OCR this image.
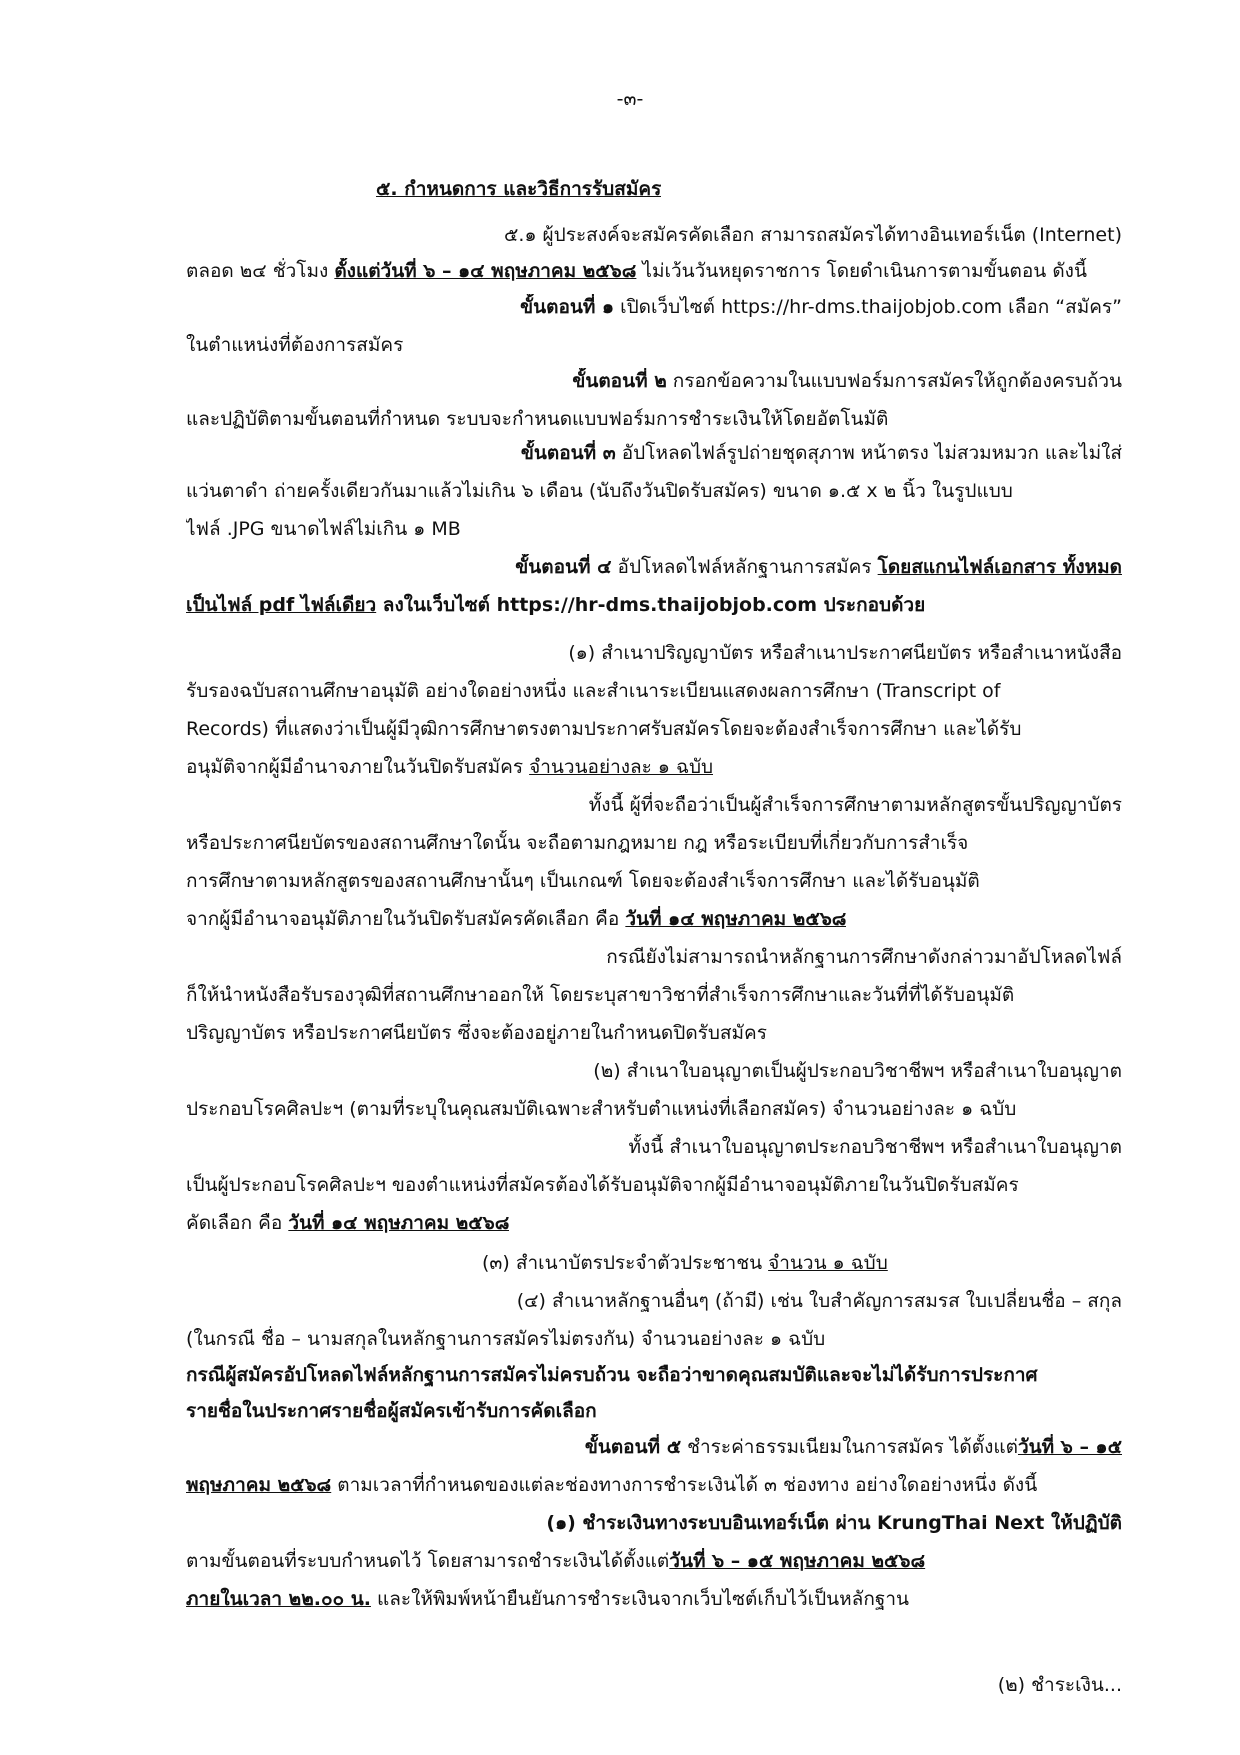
-๓-
๕. กำหนดการ และวิธีการรับสมัคร
๕.๑ ผู้ประสงค์จะสมัครคัดเลือก สามารถสมัครได้ทางอินเทอร์เน็ต (Internet)
ตลอด ๒๔ ชั่วโมง ตั้งแต่วันที่ ๖ – ๑๔ พฤษภาคม ๒๕๖๘ ไม่เว้นวันหยุดราชการ โดยดำเนินการตามขั้นตอน ดังนี้
ขั้นตอนที่ ๑ เปิดเว็บไซต์ https://hr-dms.thaijobjob.com เลือก “สมัคร”
ในตำแหน่งที่ต้องการสมัคร
ขั้นตอนที่ ๒ กรอกข้อความในแบบฟอร์มการสมัครให้ถูกต้องครบถ้วน
และปฏิบัติตามขั้นตอนที่กำหนด ระบบจะกำหนดแบบฟอร์มการชำระเงินให้โดยอัตโนมัติ
ขั้นตอนที่ ๓ อัปโหลดไฟล์รูปถ่ายชุดสุภาพ หน้าตรง ไม่สวมหมวก และไม่ใส่
แว่นตาดำ ถ่ายครั้งเดียวกันมาแล้วไม่เกิน ๖ เดือน (นับถึงวันปิดรับสมัคร) ขนาด ๑.๕ x ๒ นิ้ว ในรูปแบบ
ไฟล์ .JPG ขนาดไฟล์ไม่เกิน ๑ MB
ขั้นตอนที่ ๔ อัปโหลดไฟล์หลักฐานการสมัคร โดยสแกนไฟล์เอกสาร ทั้งหมด
เป็นไฟล์ pdf ไฟล์เดียว ลงในเว็บไซต์ https://hr-dms.thaijobjob.com ประกอบด้วย
(๑) สำเนาปริญญาบัตร หรือสำเนาประกาศนียบัตร หรือสำเนาหนังสือ
รับรองฉบับสถานศึกษาอนุมัติ อย่างใดอย่างหนึ่ง และสำเนาระเบียนแสดงผลการศึกษา (Transcript of
Records) ที่แสดงว่าเป็นผู้มีวุฒิการศึกษาตรงตามประกาศรับสมัครโดยจะต้องสำเร็จการศึกษา และได้รับ
อนุมัติจากผู้มีอำนาจภายในวันปิดรับสมัคร จำนวนอย่างละ ๑ ฉบับ
ทั้งนี้ ผู้ที่จะถือว่าเป็นผู้สำเร็จการศึกษาตามหลักสูตรขั้นปริญญาบัตร
หรือประกาศนียบัตรของสถานศึกษาใดนั้น จะถือตามกฎหมาย กฎ หรือระเบียบที่เกี่ยวกับการสำเร็จ
การศึกษาตามหลักสูตรของสถานศึกษานั้นๆ เป็นเกณฑ์ โดยจะต้องสำเร็จการศึกษา และได้รับอนุมัติ
จากผู้มีอำนาจอนุมัติภายในวันปิดรับสมัครคัดเลือก คือ วันที่ ๑๔ พฤษภาคม ๒๕๖๘
กรณียังไม่สามารถนำหลักฐานการศึกษาดังกล่าวมาอัปโหลดไฟล์
ก็ให้นำหนังสือรับรองวุฒิที่สถานศึกษาออกให้ โดยระบุสาขาวิชาที่สำเร็จการศึกษาและวันที่ที่ได้รับอนุมัติ
ปริญญาบัตร หรือประกาศนียบัตร ซึ่งจะต้องอยู่ภายในกำหนดปิดรับสมัคร
(๒) สำเนาใบอนุญาตเป็นผู้ประกอบวิชาชีพฯ หรือสำเนาใบอนุญาต
ประกอบโรคศิลปะฯ (ตามที่ระบุในคุณสมบัติเฉพาะสำหรับตำแหน่งที่เลือกสมัคร) จำนวนอย่างละ ๑ ฉบับ
ทั้งนี้ สำเนาใบอนุญาตประกอบวิชาชีพฯ หรือสำเนาใบอนุญาต
เป็นผู้ประกอบโรคศิลปะฯ ของตำแหน่งที่สมัครต้องได้รับอนุมัติจากผู้มีอำนาจอนุมัติภายในวันปิดรับสมัคร
คัดเลือก คือ วันที่ ๑๔ พฤษภาคม ๒๕๖๘
(๓) สำเนาบัตรประจำตัวประชาชน จำนวน ๑ ฉบับ
(๔) สำเนาหลักฐานอื่นๆ (ถ้ามี) เช่น ใบสำคัญการสมรส ใบเปลี่ยนชื่อ – สกุล
(ในกรณี ชื่อ – นามสกุลในหลักฐานการสมัครไม่ตรงกัน) จำนวนอย่างละ ๑ ฉบับ
กรณีผู้สมัครอัปโหลดไฟล์หลักฐานการสมัครไม่ครบถ้วน จะถือว่าขาดคุณสมบัติและจะไม่ได้รับการประกาศ
รายชื่อในประกาศรายชื่อผู้สมัครเข้ารับการคัดเลือก
ขั้นตอนที่ ๕ ชำระค่าธรรมเนียมในการสมัคร ได้ตั้งแต่วันที่ ๖ – ๑๕
พฤษภาคม ๒๕๖๘ ตามเวลาที่กำหนดของแต่ละช่องทางการชำระเงินได้ ๓ ช่องทาง อย่างใดอย่างหนึ่ง ดังนี้
(๑) ชำระเงินทางระบบอินเทอร์เน็ต ผ่าน KrungThai Next ให้ปฏิบัติ
ตามขั้นตอนที่ระบบกำหนดไว้ โดยสามารถชำระเงินได้ตั้งแต่วันที่ ๖ – ๑๕ พฤษภาคม ๒๕๖๘
ภายในเวลา ๒๒.๐๐ น. และให้พิมพ์หน้ายืนยันการชำระเงินจากเว็บไซต์เก็บไว้เป็นหลักฐาน
(๒) ชำระเงิน...
